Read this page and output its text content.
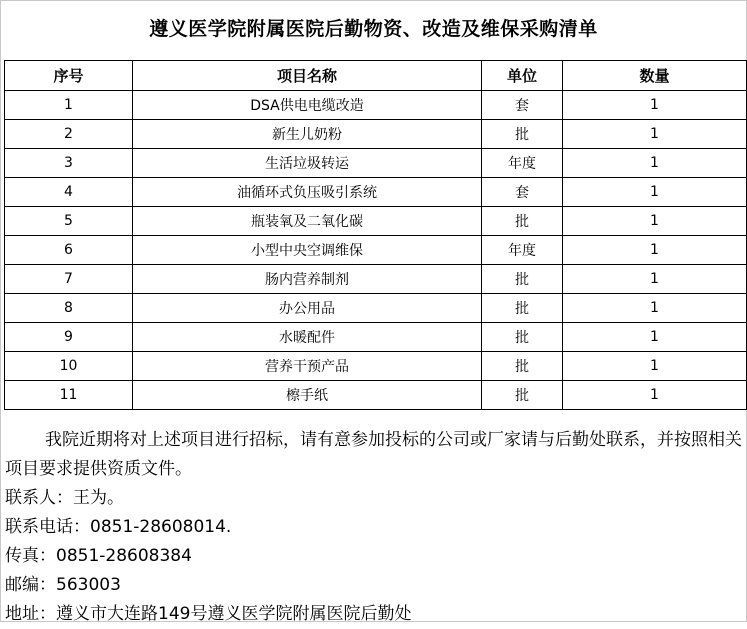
遵义医学院附属医院后勤物资、改造及维保采购清单
序号	项目名称	单位	数量
1	DSA供电电缆改造	套	1
2	新生儿奶粉	批	1
3	生活垃圾转运	年度	1
4	油循环式负压吸引系统	套	1
5	瓶装氧及二氧化碳	批	1
6	小型中央空调维保	年度	1
7	肠内营养制剂	批	1
8	办公用品	批	1
9	水暖配件	批	1
10	营养干预产品	批	1
11	檫手纸	批	1

我院近期将对上述项目进行招标，请有意参加投标的公司或厂家请与后勤处联系，并按照相关项目要求提供资质文件。

联系人：王为。

联系电话：0851-28608014.

传真：0851-28608384

邮编：563003

地址：遵义市大连路149号遵义医学院附属医院后勤处
